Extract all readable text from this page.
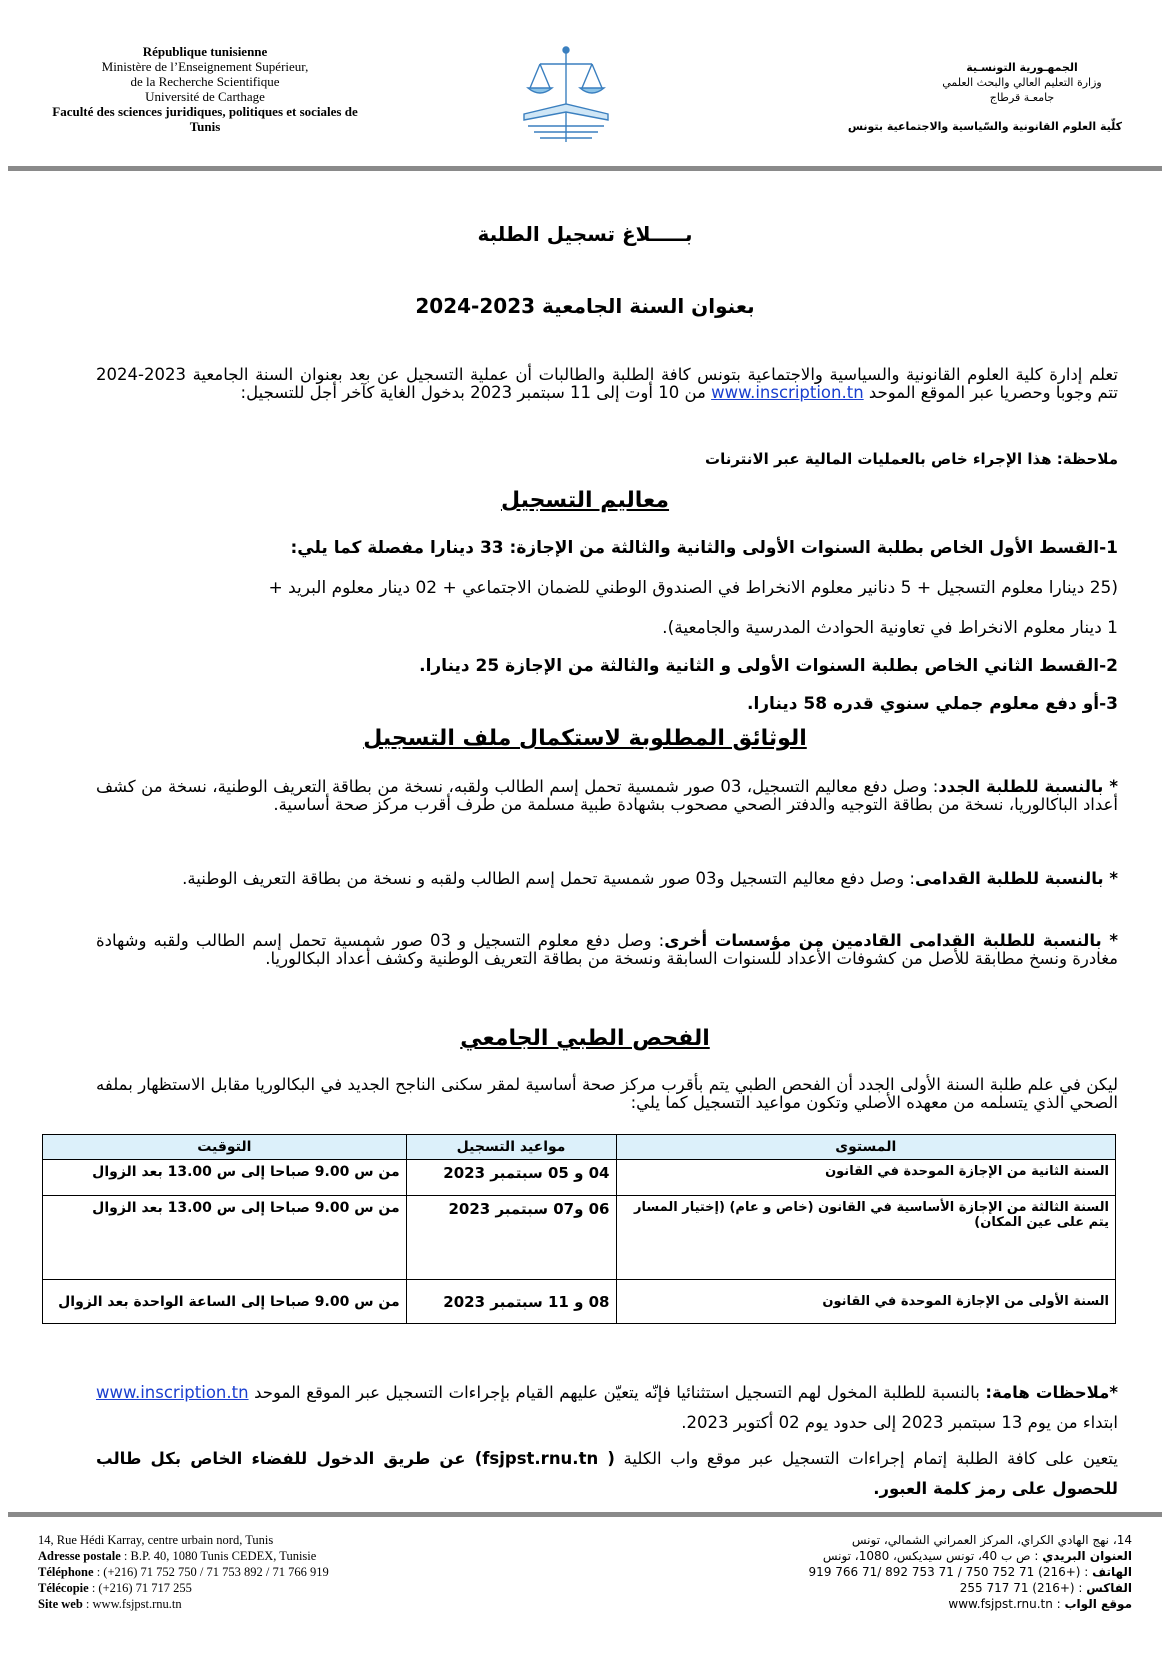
République tunisienne
Ministère de l’Enseignement Supérieur,
de la Recherche Scientifique
Université de Carthage
Faculté des sciences juridiques, politiques et sociales de
Tunis
الجمهـورية التونسـية
وزارة التعليم العالي والبحث العلمي
جامعـة قرطاج
كلّية العلوم القانونية والسّياسية والاجتماعية بتونس
بـــــلاغ تسجيل الطلبة
بعنوان السنة الجامعية 2023-2024
تعلم إدارة كلية العلوم القانونية والسياسية والاجتماعية بتونس كافة الطلبة والطالبات أن عملية التسجيل عن بعد بعنوان السنة الجامعية 2023-2024 تتم وجوبا وحصريا عبر الموقع الموحد www.inscription.tn من 10 أوت إلى 11 سبتمبر 2023 بدخول الغاية كآخر أجل للتسجيل:
ملاحظة: هذا الإجراء خاص بالعمليات المالية عبر الانترنات
معاليم التسجيل
1-القسط الأول الخاص بطلبة السنوات الأولى والثانية والثالثة من الإجازة: 33 دينارا مفصلة كما يلي:
(25 دينارا معلوم التسجيل + 5 دنانير معلوم الانخراط في الصندوق الوطني للضمان الاجتماعي + 02 دينار معلوم البريد +
1 دينار معلوم الانخراط في تعاونية الحوادث المدرسية والجامعية).
2-القسط الثاني الخاص بطلبة السنوات الأولى و الثانية والثالثة من الإجازة 25 دينارا.
3-أو دفع معلوم جملي سنوي قدره 58 دينارا.
الوثائق المطلوبة لاستكمال ملف التسجيل
* بالنسبة للطلبة الجدد: وصل دفع معاليم التسجيل، 03 صور شمسية تحمل إسم الطالب ولقبه، نسخة من بطاقة التعريف الوطنية، نسخة من كشف أعداد الباكالوريا، نسخة من بطاقة التوجيه والدفتر الصحي مصحوب بشهادة طبية مسلمة من طرف أقرب مركز صحة أساسية.
* بالنسبة للطلبة القدامى: وصل دفع معاليم التسجيل و03 صور شمسية تحمل إسم الطالب ولقبه و نسخة من بطاقة التعريف الوطنية.
* بالنسبة للطلبة القدامى القادمين من مؤسسات أخرى: وصل دفع معلوم التسجيل و 03 صور شمسية تحمل إسم الطالب ولقبه وشهادة مغادرة ونسخ مطابقة للأصل من كشوفات الأعداد للسنوات السابقة ونسخة من بطاقة التعريف الوطنية وكشف أعداد البكالوريا.
الفحص الطبي الجامعي
ليكن في علم طلبة السنة الأولى الجدد أن الفحص الطبي يتم بأقرب مركز صحة أساسية لمقر سكنى الناجح الجديد في البكالوريا مقابل الاستظهار بملفه الصحي الذي يتسلمه من معهده الأصلي وتكون مواعيد التسجيل كما يلي:
المستوى	مواعيد التسجيل	التوقيت
السنة الثانية من الإجازة الموحدة في القانون	04 و 05 سبتمبر 2023	من س 9.00 صباحا إلى س 13.00 بعد الزوال
السنة الثالثة من الإجازة الأساسية في القانون (خاص و عام) (إختيار المسار يتم على عين المكان)	06 و07 سبتمبر 2023	من س 9.00 صباحا إلى س 13.00 بعد الزوال
السنة الأولى من الإجازة الموحدة في القانون	08 و 11 سبتمبر 2023	من س 9.00 صباحا إلى الساعة الواحدة بعد الزوال
*ملاحظات هامة: بالنسبة للطلبة المخول لهم التسجيل استثنائيا فإنّه يتعيّن عليهم القيام بإجراءات التسجيل عبر الموقع الموحد www.inscription.tn ابتداء من يوم 13 سبتمبر 2023 إلى حدود يوم 02 أكتوبر 2023.
يتعين على كافة الطلبة إتمام إجراءات التسجيل عبر موقع واب الكلية ( fsjpst.rnu.tn) عن طريق الدخول للفضاء الخاص بكل طالب للحصول على رمز كلمة العبور.
14, Rue Hédi Karray, centre urbain nord, Tunis
Adresse postale : B.P. 40, 1080 Tunis CEDEX, Tunisie
Téléphone : (+216) 71 752 750 / 71 753 892 / 71 766 919
Télécopie : (+216) 71 717 255
Site web : www.fsjpst.rnu.tn
14، نهج الهادي الكراي، المركز العمراني الشمالي، تونس
العنوان البريدي : ص ب 40، تونس سيديكس، 1080، تونس
الهاتف : (+216) 71 752 750 / 71 753 892 /71 766 919
الفاكس : (+216) 71 717 255
موقع الواب : www.fsjpst.rnu.tn
